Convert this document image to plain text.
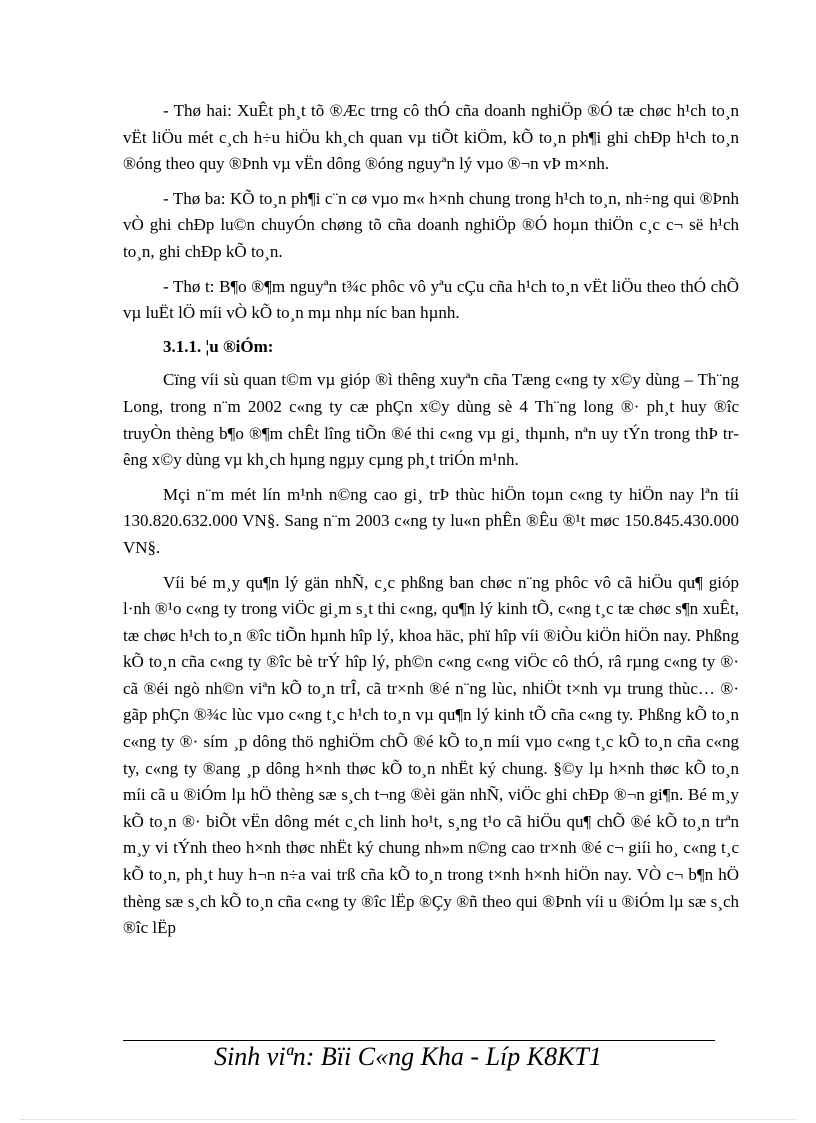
- Thø hai: XuÊt ph¸t tõ ®Æc trng cô thÓ cña doanh nghiÖp ®Ó tæ chøc h¹ch to¸n vËt liÖu mét c¸ch h÷u hiÖu kh¸ch quan vµ tiÕt kiÖm, kÕ to¸n ph¶i ghi chÐp h¹ch to¸n ®óng theo quy ®Þnh vµ vËn dông ®óng nguyªn lý vµo ®¬n vÞ m×nh.

- Thø ba: KÕ to¸n ph¶i c¨n cø vµo m« h×nh chung trong h¹ch to¸n, nh÷ng qui ®Þnh vÒ ghi chÐp lu©n chuyÓn chøng tõ cña doanh nghiÖp ®Ó hoµn thiÖn c¸c c¬ së h¹ch to¸n, ghi chÐp kÕ to¸n.

- Thø t: B¶o ®¶m nguyªn t¾c phôc vô yªu cÇu cña h¹ch to¸n vËt liÖu theo thÓ chÕ vµ luËt lÖ míi vÒ kÕ to¸n mµ nhµ níc ban hµnh.

3.1.1. ¦u ®iÓm:

Cïng víi sù quan t©m vµ gióp ®ì thêng xuyªn cña Tæng c«ng ty x©y dùng – Th¨ng Long, trong n¨m 2002 c«ng ty cæ phÇn x©y dùng sè 4 Th¨ng long ®· ph¸t huy ®îc truyÒn thèng b¶o ®¶m chÊt lîng tiÕn ®é thi c«ng vµ gi¸ thµnh, nªn uy tÝn trong thÞ trêng x©y dùng vµ kh¸ch hµng ngµy cµng ph¸t triÓn m¹nh.

Mçi n¨m mét lín m¹nh n©ng cao gi¸ trÞ thùc hiÖn toµn c«ng ty hiÖn nay lªn tíi 130.820.632.000 VN§. Sang n¨m 2003 c«ng ty lu«n phÊn ®Êu ®¹t møc 150.845.430.000 VN§.

Víi bé m¸y qu¶n lý gän nhÑ, c¸c phßng ban chøc n¨ng phôc vô cã hiÖu qu¶ gióp l·nh ®¹o c«ng ty trong viÖc gi¸m s¸t thi c«ng, qu¶n lý kinh tÕ, c«ng t¸c tæ chøc s¶n xuÊt, tæ chøc h¹ch to¸n ®îc tiÕn hµnh hîp lý, khoa häc, phï hîp víi ®iÒu kiÖn hiÖn nay. Phßng kÕ to¸n cña c«ng ty ®îc bè trÝ hîp lý, ph©n c«ng c«ng viÖc cô thÓ, râ rµng c«ng ty ®· cã ®éi ngò nh©n viªn kÕ to¸n trÎ, cã tr×nh ®é n¨ng lùc, nhiÖt t×nh vµ trung thùc… ®· gãp phÇn ®¾c lùc vµo c«ng t¸c h¹ch to¸n vµ qu¶n lý kinh tÕ cña c«ng ty. Phßng kÕ to¸n c«ng ty ®· sím ¸p dông thö nghiÖm chÕ ®é kÕ to¸n míi vµo c«ng t¸c kÕ to¸n cña c«ng ty, c«ng ty ®ang ¸p dông h×nh thøc kÕ to¸n nhËt ký chung. §©y lµ h×nh thøc kÕ to¸n míi cã u ®iÓm lµ hÖ thèng sæ s¸ch t¬ng ®èi gän nhÑ, viÖc ghi chÐp ®¬n gi¶n. Bé m¸y kÕ to¸n ®· biÕt vËn dông mét c¸ch linh ho¹t, s¸ng t¹o cã hiÖu qu¶ chÕ ®é kÕ to¸n trªn m¸y vi tÝnh theo h×nh thøc nhËt ký chung nh»m n©ng cao tr×nh ®é c¬ giíi ho¸ c«ng t¸c kÕ to¸n, ph¸t huy h¬n n÷a vai trß cña kÕ to¸n trong t×nh h×nh hiÖn nay. VÒ c¬ b¶n hÖ thèng sæ s¸ch kÕ to¸n cña c«ng ty ®îc lËp ®Çy ®ñ theo qui ®Þnh víi u ®iÓm lµ sæ s¸ch ®îc lËp

Sinh viªn: Bïi C«ng Kha - Líp K8KT1
